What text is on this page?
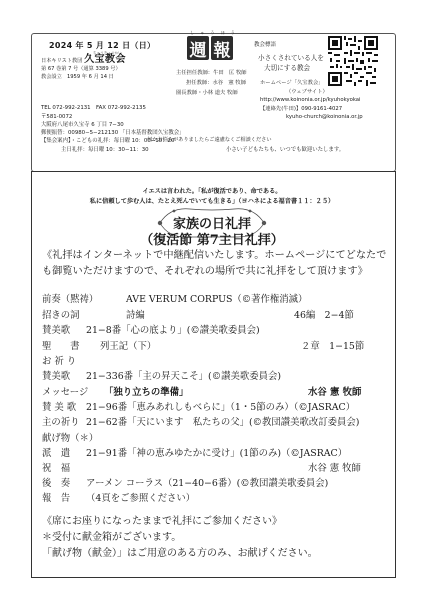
2024 年 5 月 12 日（日）
日本キリスト教団 久宝教会
第 67 巻第 7 号（通算 3389 号）
教会設立　1959 年 6 月 14 日
ちゅうきょうかい
TEL 072-992-2131　FAX 072-992-2135
〒581-0072
大阪府八尾市久宝寺 6 丁目 7−30
郵便振替：00980−5−212130 「日本基督教団久宝教会」
【集会案内】・こどもの礼拝：毎日曜 10：00−10：20
主日礼拝：毎日曜 10：30−11：30
何かお悩みがありましたらご遠慮なくご相談ください
小さい子どもたちも、いつでも歓迎いたします。
しゅうほう
週 報
主任担任教師：牛田　匡 牧師
担任教師：水谷　憲 牧師
園長教師・小林 道夫 牧師
教会標語
小さくされている人を
大切にする教会
ホームページ「久宝教会」
（ウェブサイト）
http://www.koinonia.or.jp/kyuhokyokai
【連絡先(牛田)】090-9161-4027
kyuho-church@koinonia.or.jp
イエスは言われた。「私が復活であり、命である。
私に信頼して歩む人は、たとえ死んでいても生きる」（ヨハネによる福音書１１：２５）
家族の日礼拝
（復活節 第7主日礼拝）
《礼拝はインターネットで中継配信いたします。ホームページにてどなたでも御覧いただけますので、それぞれの場所で共に礼拝をして頂けます》
前奏（黙祷）	AVE VERUM CORPUS（©著作権消滅）
招きの詞	詩編	46編　2−4節
賛美歌 21−8番「心の底より」(©讃美歌委員会)
聖　　書 列王記（下）	２章　1−15節
お 祈 り
賛美歌 21−336番「主の昇天こそ」(©讃美歌委員会)
メッセージ 「独り立ちの準備」	水谷 憲 牧師
賛 美 歌 21−96番「恵みあれしもべらに」（1・5節のみ）（©JASRAC）
主の祈り 21−62番「天にいます　私たちの父」(©教団讃美歌改訂委員会)
献げ物（＊）
派　遣 21−91番「神の恵みゆたかに受け」(1節のみ)（©JASRAC）
祝　福	水谷 憲 牧師
後　奏 アーメン コーラス（21−40−6番）(©教団讃美歌委員会)
報　告 （4頁をご参照ください）
《席にお座りになったままで礼拝にご参加ください》
＊受付に献金箱がございます。
「献げ物（献金）」はご用意のある方のみ、お献げください。
